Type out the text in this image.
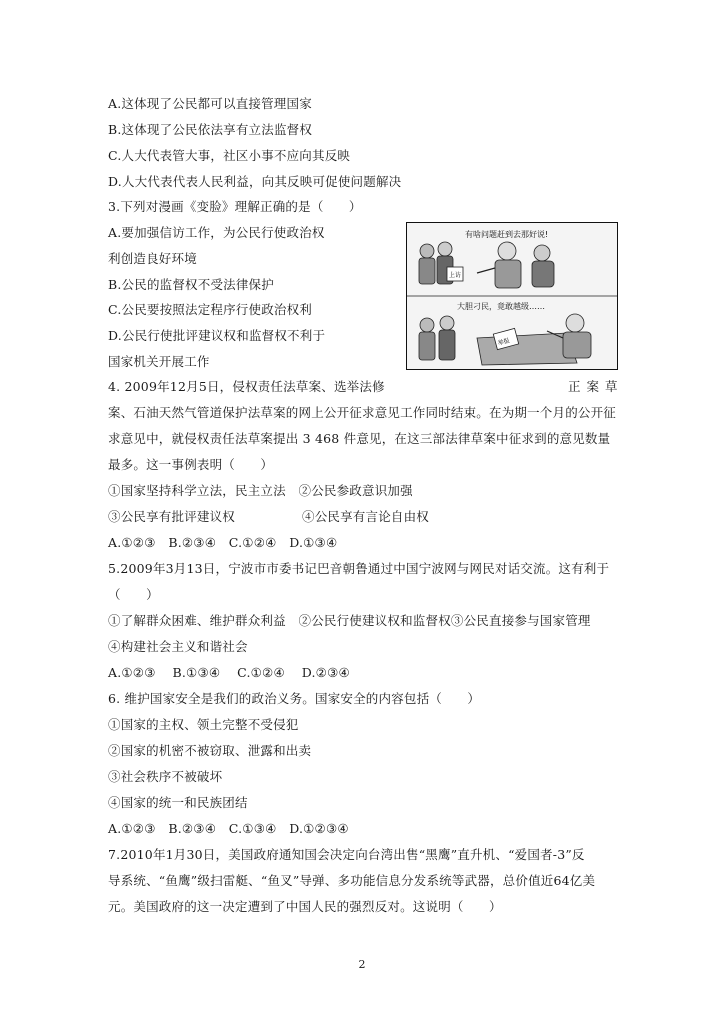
A.这体现了公民都可以直接管理国家
B.这体现了公民依法享有立法监督权
C.人大代表管大事，社区小事不应向其反映
D.人大代表代表人民利益，向其反映可促使问题解决
3.下列对漫画《变脸》理解正确的是（　　）
A.要加强信访工作，为公民行使政治权
利创造良好环境
B.公民的监督权不受法律保护
C.公民要按照法定程序行使政治权利
D.公民行使批评建议权和监督权不利于
国家机关开展工作
有啥问题赶到去那好说!
上访
大胆刁民，竟敢越级……
举报
4. 2009年12月5日，侵权责任法草案、选举法修	正案草
案、石油天然气管道保护法草案的网上公开征求意见工作同时结束。在为期一个月的公开征
求意见中，就侵权责任法草案提出 3 468 件意见，在这三部法律草案中征求到的意见数量
最多。这一事例表明（　　）
①国家坚持科学立法，民主立法　②公民参政意识加强
③公民享有批评建议权	④公民享有言论自由权
A.①②③　B.②③④　C.①②④　D.①③④
5.2009年3月13日，宁波市市委书记巴音朝鲁通过中国宁波网与网民对话交流。这有利于
（　　）
①了解群众困难、维护群众利益　②公民行使建议权和监督权③公民直接参与国家管理
④构建社会主义和谐社会
A.①②③　 B.①③④　 C.①②④　 D.②③④
6. 维护国家安全是我们的政治义务。国家安全的内容包括（　　）
①国家的主权、领土完整不受侵犯
②国家的机密不被窃取、泄露和出卖
③社会秩序不被破坏
④国家的统一和民族团结
A.①②③　B.②③④　C.①③④　D.①②③④
7.2010年1月30日，美国政府通知国会决定向台湾出售“黑鹰”直升机、“爱国者-3”反
导系统、“鱼鹰”级扫雷艇、“鱼叉”导弹、多功能信息分发系统等武器，总价值近64亿美
元。美国政府的这一决定遭到了中国人民的强烈反对。这说明（　　）
2
